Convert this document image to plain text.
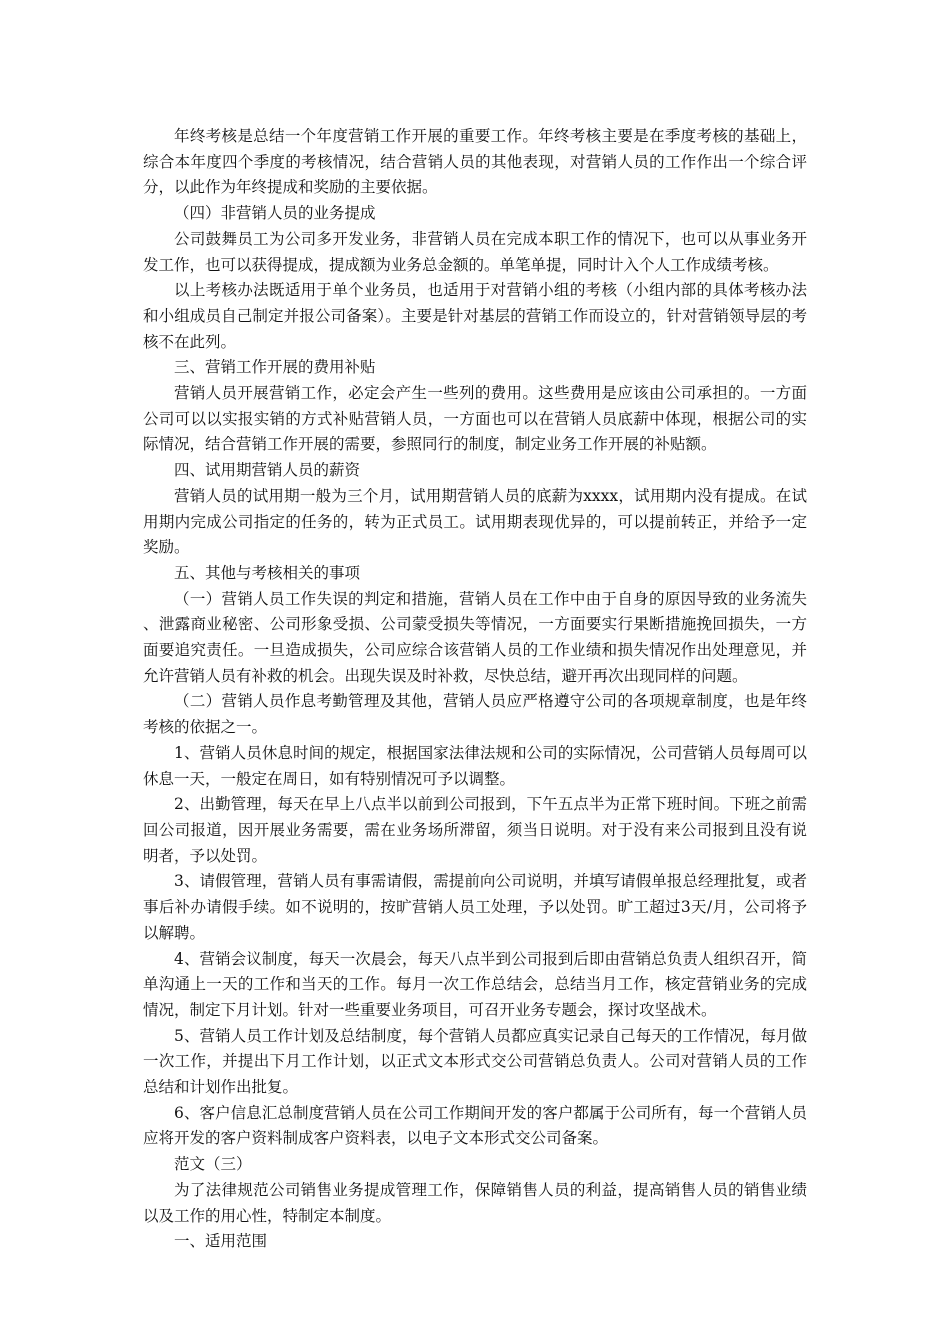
年终考核是总结一个年度营销工作开展的重要工作。年终考核主要是在季度考核的基础上，综合本年度四个季度的考核情况，结合营销人员的其他表现，对营销人员的工作作出一个综合评分，以此作为年终提成和奖励的主要依据。

（四）非营销人员的业务提成

公司鼓舞员工为公司多开发业务，非营销人员在完成本职工作的情况下，也可以从事业务开发工作，也可以获得提成，提成额为业务总金额的。单笔单提，同时计入个人工作成绩考核。

以上考核办法既适用于单个业务员，也适用于对营销小组的考核（小组内部的具体考核办法和小组成员自己制定并报公司备案）。主要是针对基层的营销工作而设立的，针对营销领导层的考核不在此列。

三、营销工作开展的费用补贴

营销人员开展营销工作，必定会产生一些列的费用。这些费用是应该由公司承担的。一方面公司可以以实报实销的方式补贴营销人员，一方面也可以在营销人员底薪中体现，根据公司的实际情况，结合营销工作开展的需要，参照同行的制度，制定业务工作开展的补贴额。

四、试用期营销人员的薪资

营销人员的试用期一般为三个月，试用期营销人员的底薪为xxxx，试用期内没有提成。在试用期内完成公司指定的任务的，转为正式员工。试用期表现优异的，可以提前转正，并给予一定奖励。

五、其他与考核相关的事项

（一）营销人员工作失误的判定和措施，营销人员在工作中由于自身的原因导致的业务流失、泄露商业秘密、公司形象受损、公司蒙受损失等情况，一方面要实行果断措施挽回损失，一方面要追究责任。一旦造成损失，公司应综合该营销人员的工作业绩和损失情况作出处理意见，并允许营销人员有补救的机会。出现失误及时补救，尽快总结，避开再次出现同样的问题。

（二）营销人员作息考勤管理及其他，营销人员应严格遵守公司的各项规章制度，也是年终考核的依据之一。

1、营销人员休息时间的规定，根据国家法律法规和公司的实际情况，公司营销人员每周可以休息一天，一般定在周日，如有特别情况可予以调整。

2、出勤管理，每天在早上八点半以前到公司报到，下午五点半为正常下班时间。下班之前需回公司报道，因开展业务需要，需在业务场所滞留，须当日说明。对于没有来公司报到且没有说明者，予以处罚。

3、请假管理，营销人员有事需请假，需提前向公司说明，并填写请假单报总经理批复，或者事后补办请假手续。如不说明的，按旷营销人员工处理，予以处罚。旷工超过3天/月，公司将予以解聘。

4、营销会议制度，每天一次晨会，每天八点半到公司报到后即由营销总负责人组织召开，简单沟通上一天的工作和当天的工作。每月一次工作总结会，总结当月工作，核定营销业务的完成情况，制定下月计划。针对一些重要业务项目，可召开业务专题会，探讨攻坚战术。

5、营销人员工作计划及总结制度，每个营销人员都应真实记录自己每天的工作情况，每月做一次工作，并提出下月工作计划，以正式文本形式交公司营销总负责人。公司对营销人员的工作总结和计划作出批复。

6、客户信息汇总制度营销人员在公司工作期间开发的客户都属于公司所有，每一个营销人员应将开发的客户资料制成客户资料表，以电子文本形式交公司备案。

范文（三）

为了法律规范公司销售业务提成管理工作，保障销售人员的利益，提高销售人员的销售业绩以及工作的用心性，特制定本制度。

一、适用范围
